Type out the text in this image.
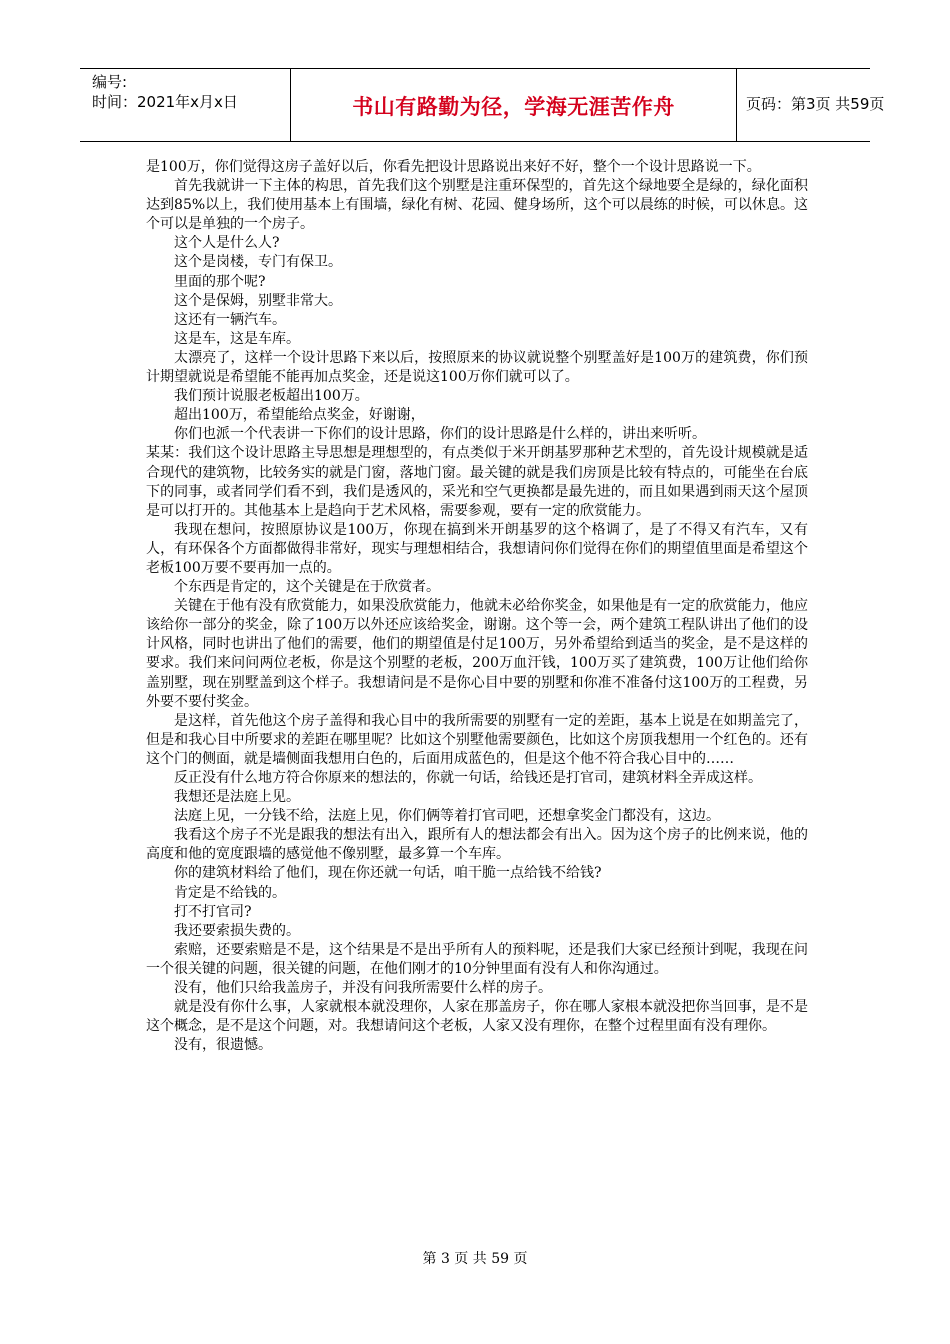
编号:
时间：2021年x月x日	书山有路勤为径，学海无涯苦作舟	页码：第3页 共59页

是100万，你们觉得这房子盖好以后，你看先把设计思路说出来好不好，整个一个设计思路说一下。

首先我就讲一下主体的构思，首先我们这个别墅是注重环保型的，首先这个绿地要全是绿的，绿化面积达到85%以上，我们使用基本上有围墙，绿化有树、花园、健身场所，这个可以晨练的时候，可以休息。这个可以是单独的一个房子。

这个人是什么人?

这个是岗楼，专门有保卫。

里面的那个呢?

这个是保姆，别墅非常大。

这还有一辆汽车。

这是车，这是车库。

太漂亮了，这样一个设计思路下来以后，按照原来的协议就说整个别墅盖好是100万的建筑费，你们预计期望就说是希望能不能再加点奖金，还是说这100万你们就可以了。

我们预计说服老板超出100万。

超出100万，希望能给点奖金，好谢谢，

你们也派一个代表讲一下你们的设计思路，你们的设计思路是什么样的，讲出来听听。

某某：我们这个设计思路主导思想是理想型的，有点类似于米开朗基罗那种艺术型的，首先设计规模就是适合现代的建筑物，比较务实的就是门窗，落地门窗。最关键的就是我们房顶是比较有特点的，可能坐在台底下的同事，或者同学们看不到，我们是透风的，采光和空气更换都是最先进的，而且如果遇到雨天这个屋顶是可以打开的。其他基本上是趋向于艺术风格，需要参观，要有一定的欣赏能力。

我现在想问，按照原协议是100万，你现在搞到米开朗基罗的这个格调了，是了不得又有汽车，又有人，有环保各个方面都做得非常好，现实与理想相结合，我想请问你们觉得在你们的期望值里面是希望这个老板100万要不要再加一点的。

个东西是肯定的，这个关键是在于欣赏者。

关键在于他有没有欣赏能力，如果没欣赏能力，他就未必给你奖金，如果他是有一定的欣赏能力，他应该给你一部分的奖金，除了100万以外还应该给奖金，谢谢。这个等一会，两个建筑工程队讲出了他们的设计风格，同时也讲出了他们的需要，他们的期望值是付足100万，另外希望给到适当的奖金，是不是这样的要求。我们来问问两位老板，你是这个别墅的老板，200万血汗钱，100万买了建筑费，100万让他们给你盖别墅，现在别墅盖到这个样子。我想请问是不是你心目中要的别墅和你准不准备付这100万的工程费，另外要不要付奖金。

是这样，首先他这个房子盖得和我心目中的我所需要的别墅有一定的差距，基本上说是在如期盖完了，但是和我心目中所要求的差距在哪里呢？比如这个别墅他需要颜色，比如这个房顶我想用一个红色的。还有这个门的侧面，就是墙侧面我想用白色的，后面用成蓝色的，但是这个他不符合我心目中的……

反正没有什么地方符合你原来的想法的，你就一句话，给钱还是打官司，建筑材料全弄成这样。

我想还是法庭上见。

法庭上见，一分钱不给，法庭上见，你们俩等着打官司吧，还想拿奖金门都没有，这边。

我看这个房子不光是跟我的想法有出入，跟所有人的想法都会有出入。因为这个房子的比例来说，他的高度和他的宽度跟墙的感觉他不像别墅，最多算一个车库。

你的建筑材料给了他们，现在你还就一句话，咱干脆一点给钱不给钱?

肯定是不给钱的。

打不打官司?

我还要索损失费的。

索赔，还要索赔是不是，这个结果是不是出乎所有人的预料呢，还是我们大家已经预计到呢，我现在问一个很关键的问题，很关键的问题，在他们刚才的10分钟里面有没有人和你沟通过。

没有，他们只给我盖房子，并没有问我所需要什么样的房子。

就是没有你什么事，人家就根本就没理你，人家在那盖房子，你在哪人家根本就没把你当回事，是不是这个概念，是不是这个问题，对。我想请问这个老板，人家又没有理你，在整个过程里面有没有理你。

没有，很遗憾。

第 3 页 共 59 页
